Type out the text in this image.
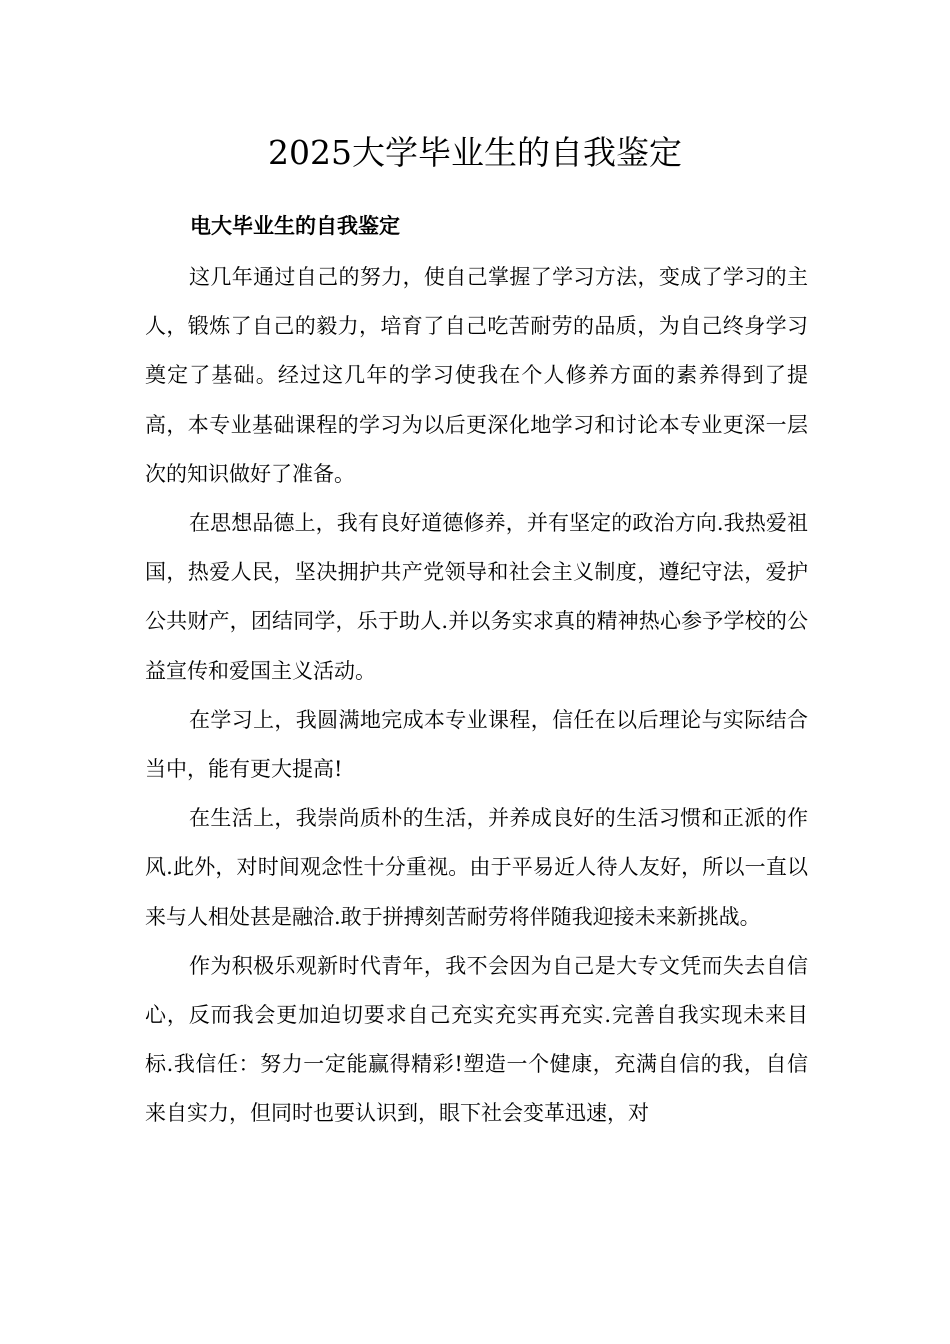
2025大学毕业生的自我鉴定
电大毕业生的自我鉴定

这几年通过自己的努力，使自己掌握了学习方法，变成了学习的主人，锻炼了自己的毅力，培育了自己吃苦耐劳的品质，为自己终身学习奠定了基础。经过这几年的学习使我在个人修养方面的素养得到了提高，本专业基础课程的学习为以后更深化地学习和讨论本专业更深一层次的知识做好了准备。

在思想品德上，我有良好道德修养，并有坚定的政治方向.我热爱祖国，热爱人民，坚决拥护共产党领导和社会主义制度，遵纪守法，爱护公共财产，团结同学，乐于助人.并以务实求真的精神热心参予学校的公益宣传和爱国主义活动。

在学习上，我圆满地完成本专业课程，信任在以后理论与实际结合当中，能有更大提高!

在生活上，我崇尚质朴的生活，并养成良好的生活习惯和正派的作风.此外，对时间观念性十分重视。由于平易近人待人友好，所以一直以来与人相处甚是融洽.敢于拼搏刻苦耐劳将伴随我迎接未来新挑战。

作为积极乐观新时代青年，我不会因为自己是大专文凭而失去自信心，反而我会更加迫切要求自己充实充实再充实.完善自我实现未来目标.我信任：努力一定能赢得精彩!塑造一个健康，充满自信的我，自信来自实力，但同时也要认识到，眼下社会变革迅速，对
